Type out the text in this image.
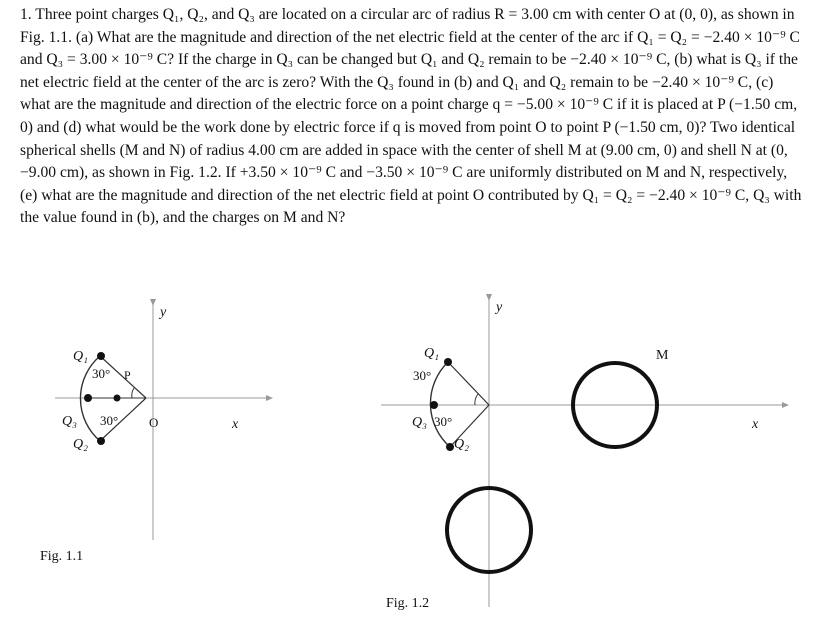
1. Three point charges Q₁, Q₂, and Q₃ are located on a circular arc of radius R = 3.00 cm with center O at (0, 0), as shown in Fig. 1.1. (a) What are the magnitude and direction of the net electric field at the center of the arc if Q₁ = Q₂ = −2.40 × 10⁻⁹ C and Q₃ = 3.00 × 10⁻⁹ C? If the charge in Q₃ can be changed but Q₁ and Q₂ remain to be −2.40 × 10⁻⁹ C, (b) what is Q₃ if the net electric field at the center of the arc is zero? With the Q₃ found in (b) and Q₁ and Q₂ remain to be −2.40 × 10⁻⁹ C, (c) what are the magnitude and direction of the electric force on a point charge q = −5.00 × 10⁻⁹ C if it is placed at P (−1.50 cm, 0) and (d) what would be the work done by electric force if q is moved from point O to point P (−1.50 cm, 0)? Two identical spherical shells (M and N) of radius 4.00 cm are added in space with the center of shell M at (9.00 cm, 0) and shell N at (0, −9.00 cm), as shown in Fig. 1.2. If +3.50 × 10⁻⁹ C and −3.50 × 10⁻⁹ C are uniformly distributed on M and N, respectively, (e) what are the magnitude and direction of the net electric field at point O contributed by Q₁ = Q₂ = −2.40 × 10⁻⁹ C, Q₃ with the value found in (b), and the charges on M and N?

y
x
O
Q₁
Q₃
Q₂
30° P
30°
Fig. 1.1
y
x
Q₁
30°
Q₃ 30°
Q₂
M
Fig. 1.2
